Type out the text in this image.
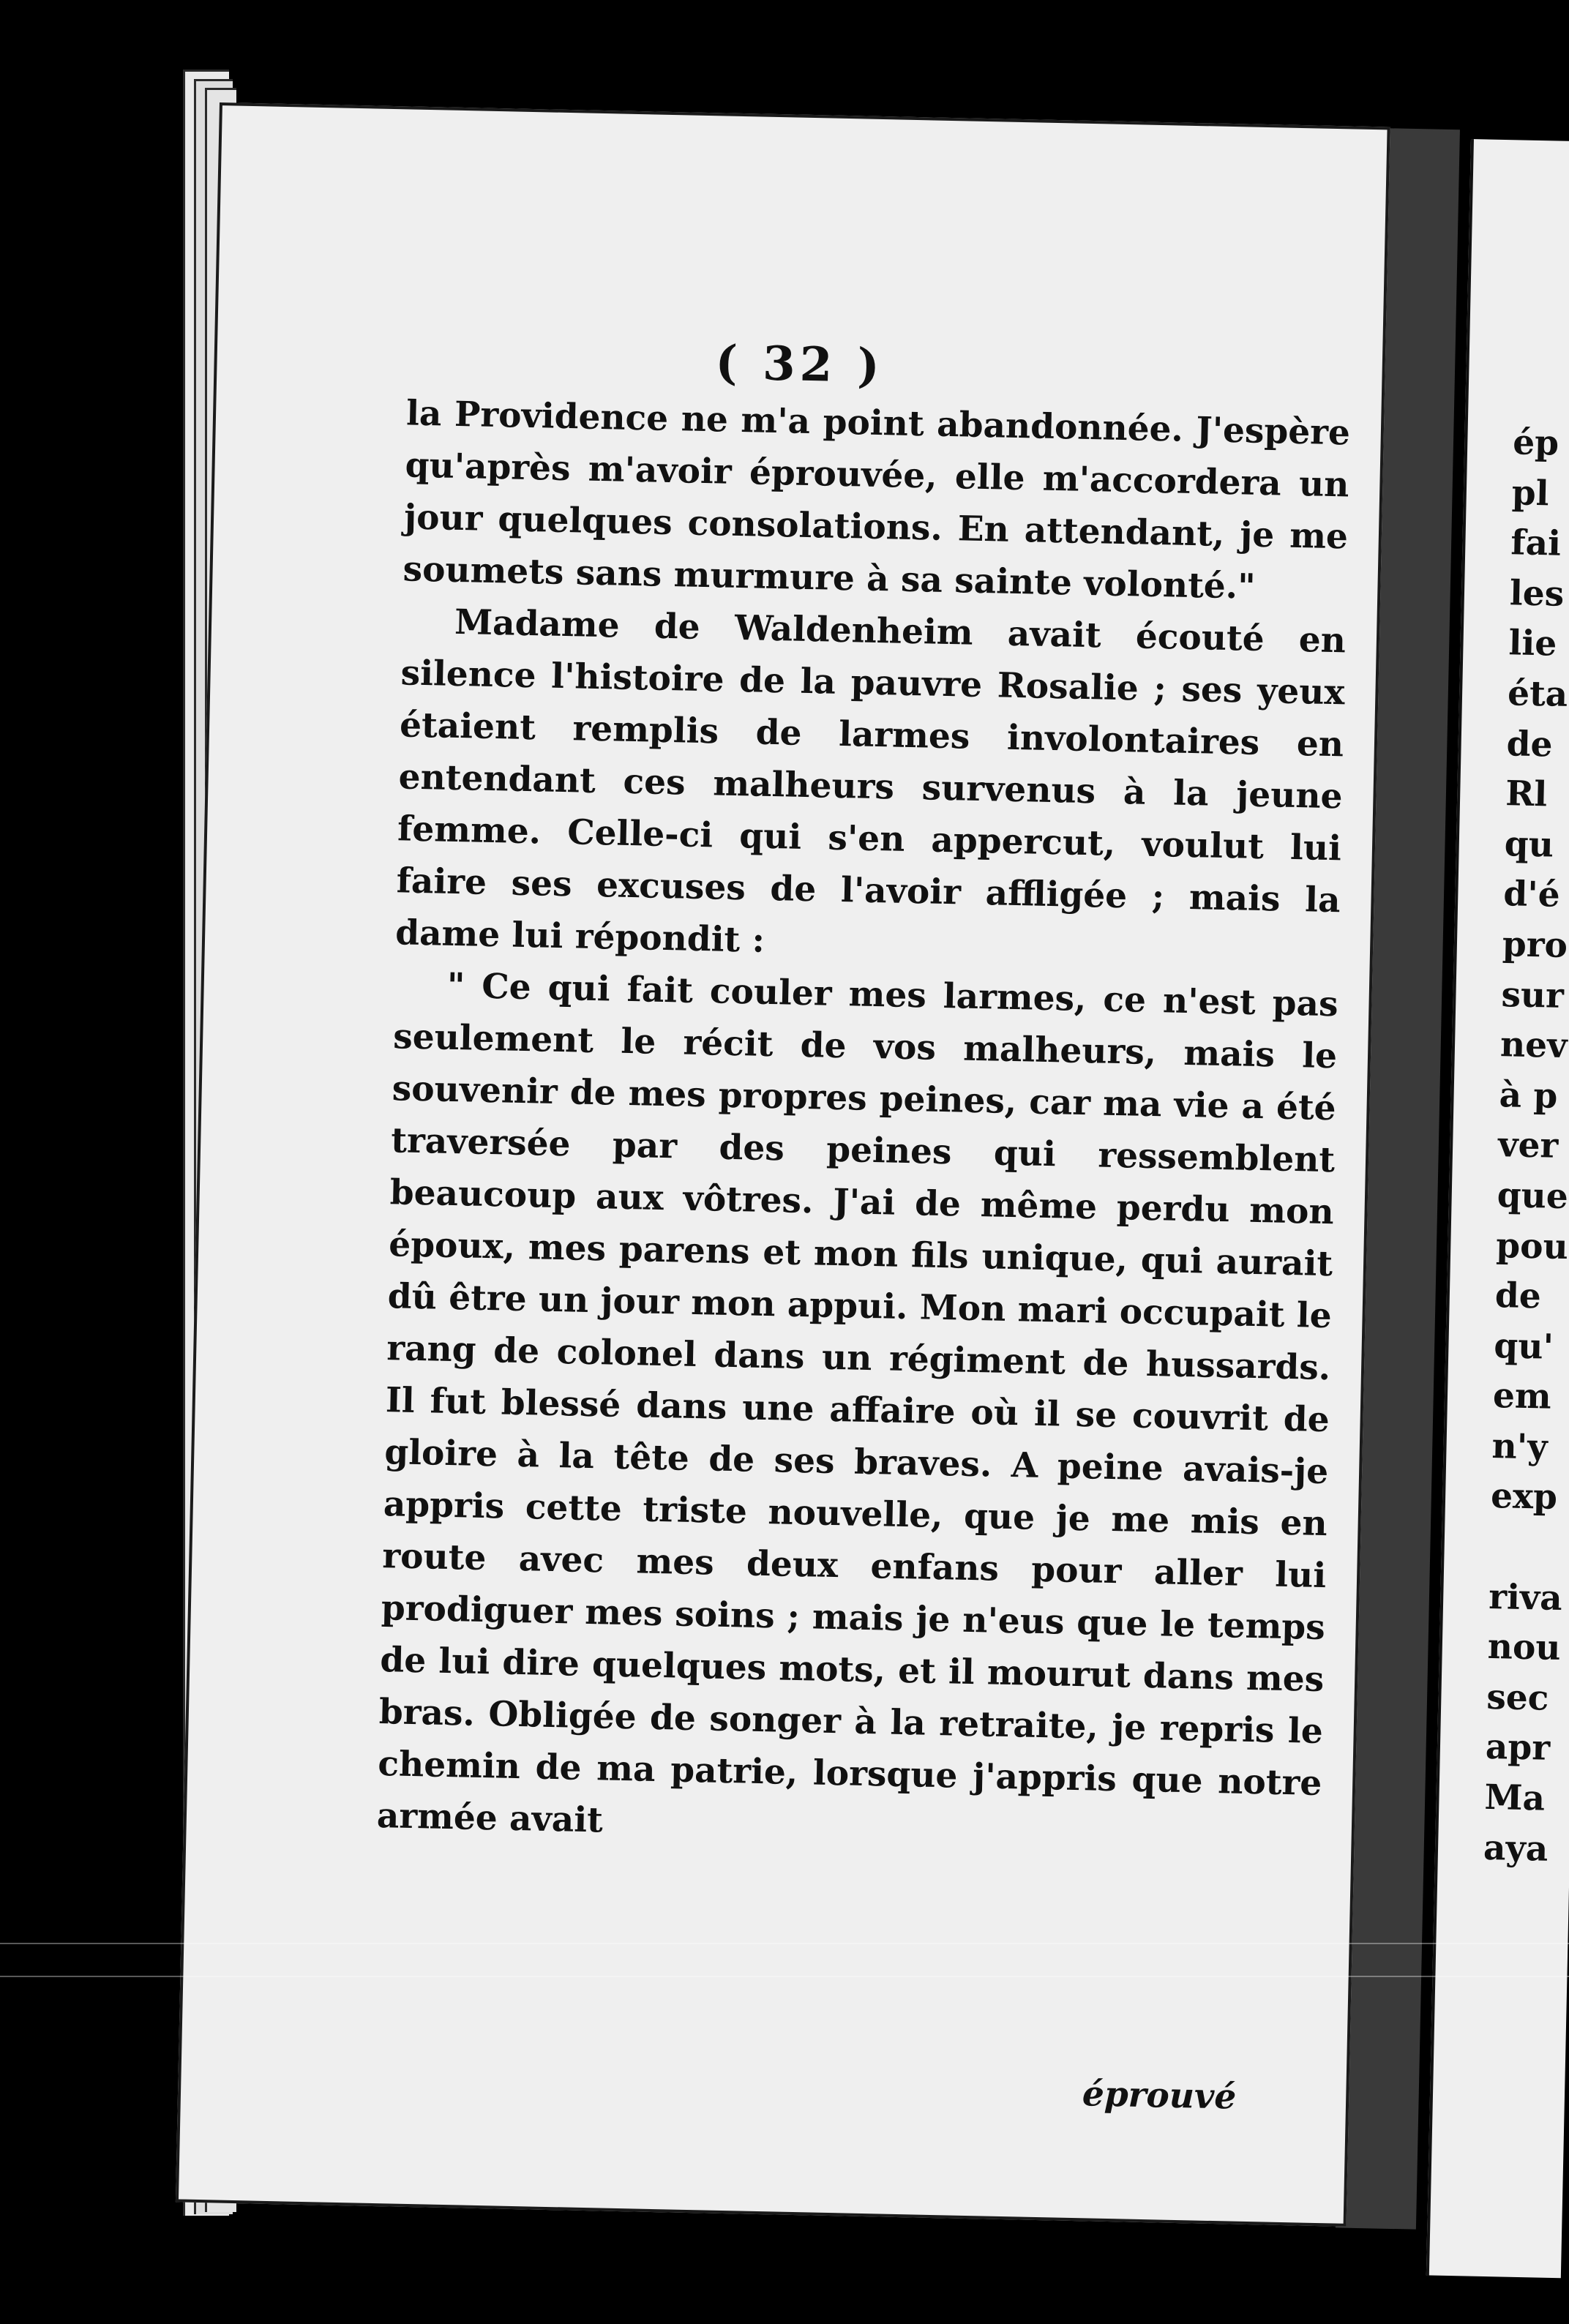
( 32 )

la Providence ne m'a point abandonnée. J'espère qu'après m'avoir éprouvée, elle m'accordera un jour quelques consolations. En attendant, je me soumets sans murmure à sa sainte volonté."

Madame de Waldenheim avait écouté en silence l'histoire de la pauvre Rosalie ; ses yeux étaient remplis de larmes involontaires en entendant ces malheurs survenus à la jeune femme. Celle-ci qui s'en appercut, voulut lui faire ses excuses de l'avoir affligée ; mais la dame lui répondit :

" Ce qui fait couler mes larmes, ce n'est pas seulement le récit de vos malheurs, mais le souvenir de mes propres peines, car ma vie a été traversée par des peines qui ressemblent beaucoup aux vôtres. J'ai de même perdu mon époux, mes parens et mon fils unique, qui aurait dû être un jour mon appui. Mon mari occupait le rang de colonel dans un régiment de hussards. Il fut blessé dans une affaire où il se couvrit de gloire à la tête de ses braves. A peine avais-je appris cette triste nouvelle, que je me mis en route avec mes deux enfans pour aller lui prodiguer mes soins ; mais je n'eus que le temps de lui dire quelques mots, et il mourut dans mes bras. Obligée de songer à la retraite, je repris le chemin de ma patrie, lorsque j'appris que notre armée avait

éprouvé
ép
pl
fai
les
lie
éta
de
Rl
qu
d'é
pro
sur
nev
à p
ver
que
pou
de
qu'
em
n'y
exp

riva
nou
sec
apr
Ma
aya
